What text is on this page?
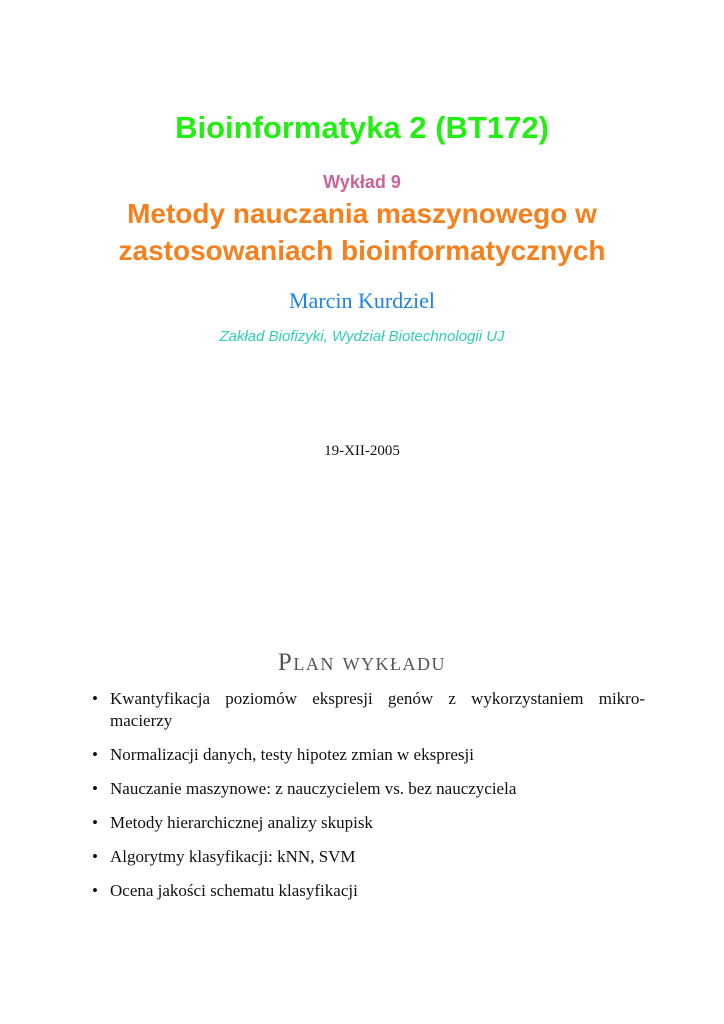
Bioinformatyka 2 (BT172)
Wykład 9
Metody nauczania maszynowego w
zastosowaniach bioinformatycznych
Marcin Kurdziel
Zakład Biofizyki, Wydział Biotechnologii UJ
19-XII-2005
Plan wykładu
• Kwantyfikacja poziomów ekspresji genów z wykorzystaniem mikro-
macierzy
• Normalizacji danych, testy hipotez zmian w ekspresji
• Nauczanie maszynowe: z nauczycielem vs. bez nauczyciela
• Metody hierarchicznej analizy skupisk
• Algorytmy klasyfikacji: kNN, SVM
• Ocena jakości schematu klasyfikacji
